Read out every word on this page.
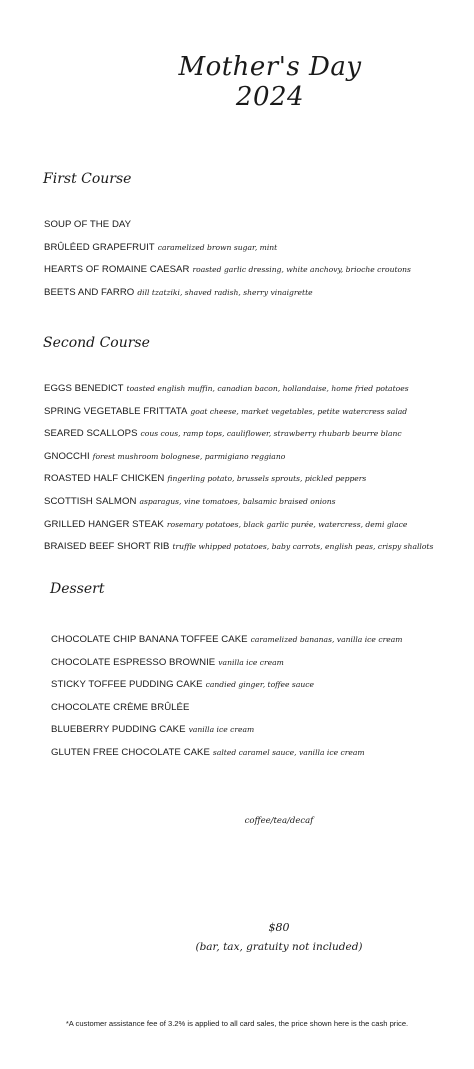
Mother's Day 2024
First Course
SOUP OF THE DAY
BRÛLÉED GRAPEFRUIT caramelized brown sugar, mint
HEARTS OF ROMAINE CAESAR roasted garlic dressing, white anchovy, brioche croutons
BEETS AND FARRO dill tzatziki, shaved radish, sherry vinaigrette
Second Course
EGGS BENEDICT toasted english muffin, canadian bacon, hollandaise, home fried potatoes
SPRING VEGETABLE FRITTATA goat cheese, market vegetables, petite watercress salad
SEARED SCALLOPS cous cous, ramp tops, cauliflower, strawberry rhubarb beurre blanc
GNOCCHI forest mushroom bolognese, parmigiano reggiano
ROASTED HALF CHICKEN fingerling potato, brussels sprouts, pickled peppers
SCOTTISH SALMON asparagus, vine tomatoes, balsamic braised onions
GRILLED HANGER STEAK rosemary potatoes, black garlic purée, watercress, demi glace
BRAISED BEEF SHORT RIB truffle whipped potatoes, baby carrots, english peas, crispy shallots
Dessert
CHOCOLATE CHIP BANANA TOFFEE CAKE caramelized bananas, vanilla ice cream
CHOCOLATE ESPRESSO BROWNIE vanilla ice cream
STICKY TOFFEE PUDDING CAKE candied ginger, toffee sauce
CHOCOLATE CRÈME BRÛLÉE
BLUEBERRY PUDDING CAKE vanilla ice cream
GLUTEN FREE CHOCOLATE CAKE salted caramel sauce, vanilla ice cream
coffee/tea/decaf
$80
(bar, tax, gratuity not included)
*A customer assistance fee of 3.2% is applied to all card sales, the price shown here is the cash price.
